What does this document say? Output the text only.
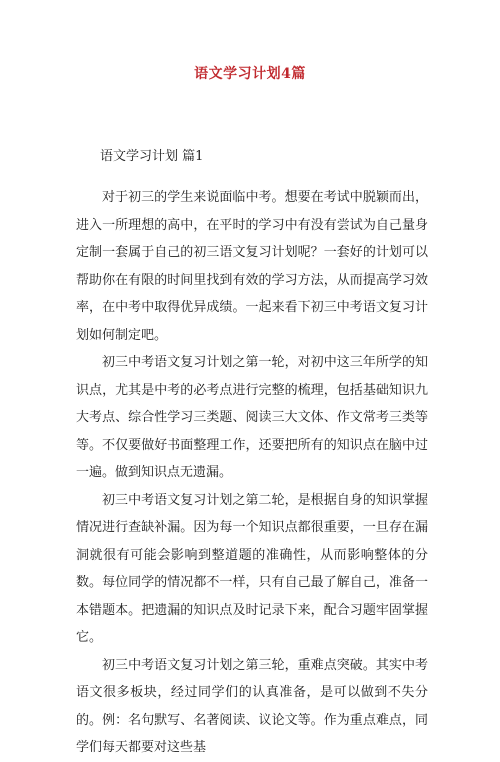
语文学习计划4篇
语文学习计划 篇1

对于初三的学生来说面临中考。想要在考试中脱颖而出，进入一所理想的高中，在平时的学习中有没有尝试为自己量身定制一套属于自己的初三语文复习计划呢？一套好的计划可以帮助你在有限的时间里找到有效的学习方法，从而提高学习效率，在中考中取得优异成绩。一起来看下初三中考语文复习计划如何制定吧。

初三中考语文复习计划之第一轮，对初中这三年所学的知识点，尤其是中考的必考点进行完整的梳理，包括基础知识九大考点、综合性学习三类题、阅读三大文体、作文常考三类等等。不仅要做好书面整理工作，还要把所有的知识点在脑中过一遍。做到知识点无遗漏。

初三中考语文复习计划之第二轮，是根据自身的知识掌握情况进行查缺补漏。因为每一个知识点都很重要，一旦存在漏洞就很有可能会影响到整道题的准确性，从而影响整体的分数。每位同学的情况都不一样，只有自己最了解自己，准备一本错题本。把遗漏的知识点及时记录下来，配合习题牢固掌握它。

初三中考语文复习计划之第三轮，重难点突破。其实中考语文很多板块，经过同学们的认真准备，是可以做到不失分的。例：名句默写、名著阅读、议论文等。作为重点难点，同学们每天都要对这些基
